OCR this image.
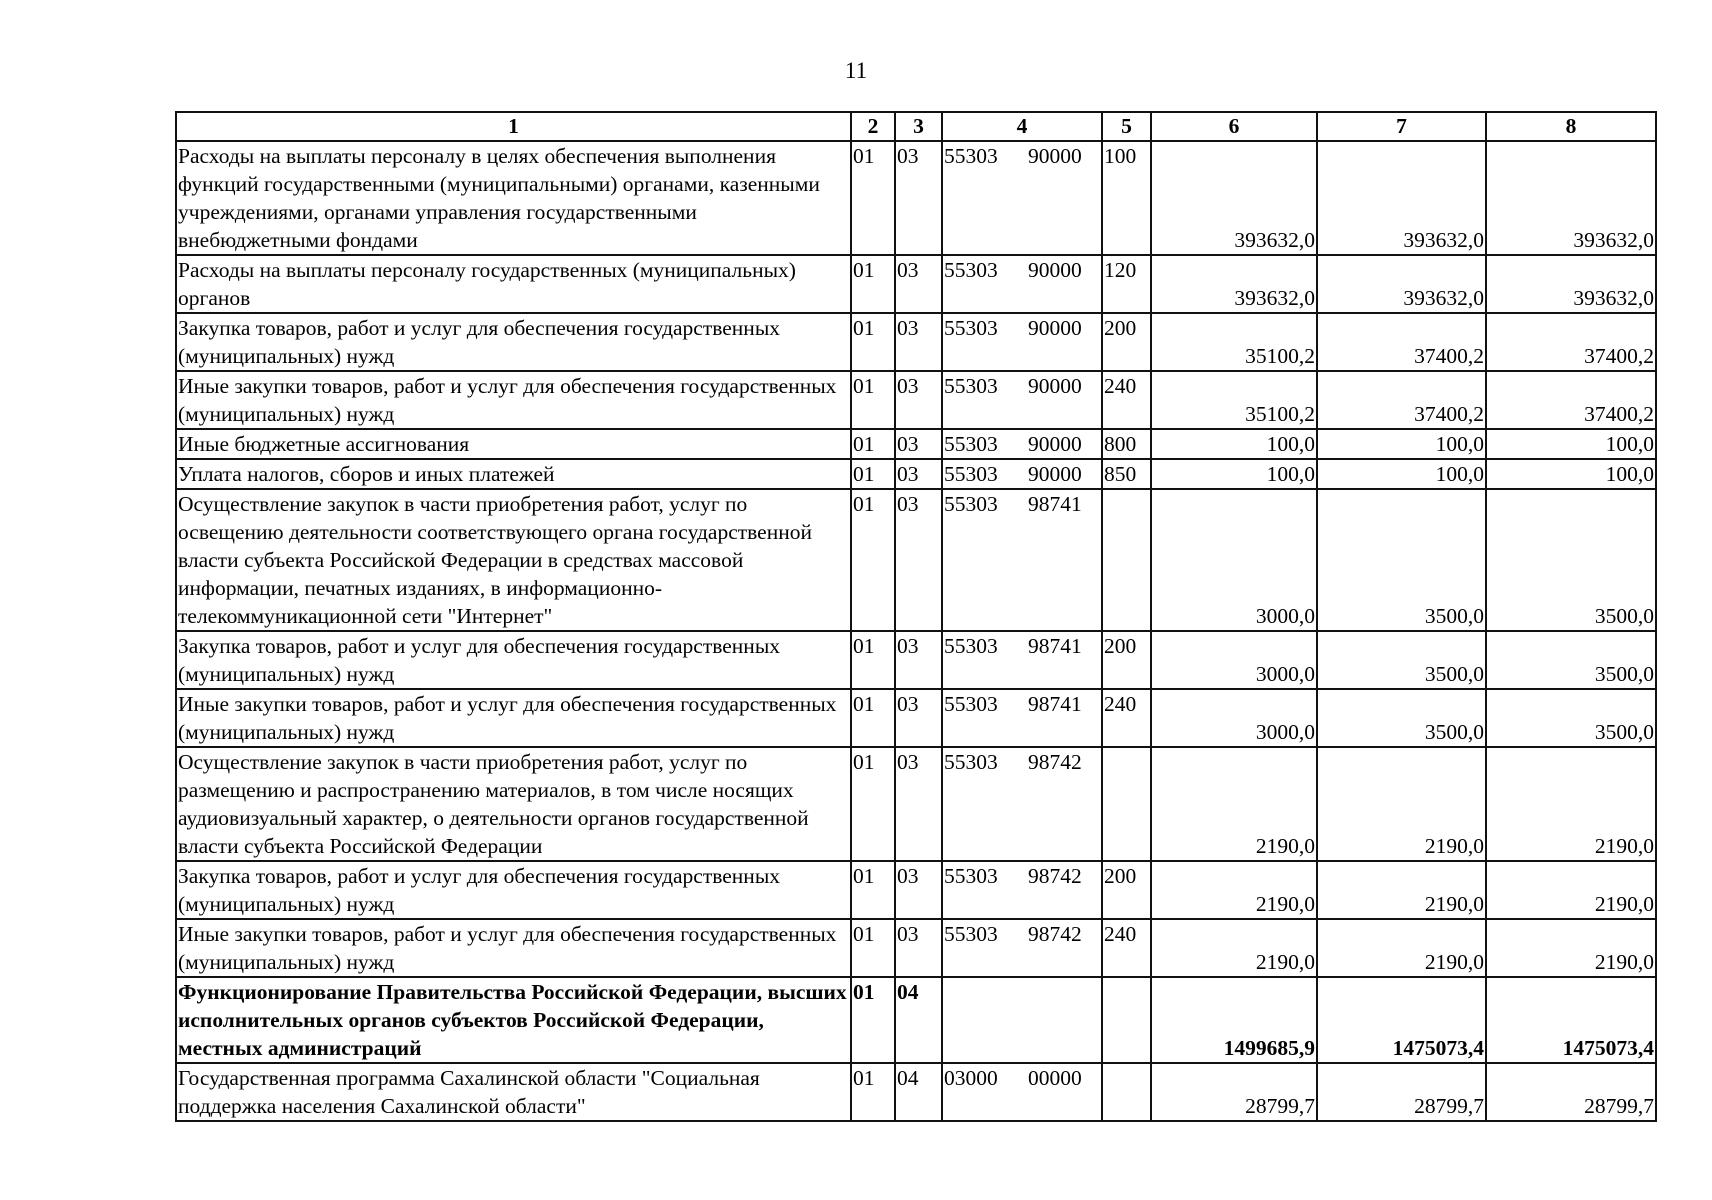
11
1	2	3	4	5	6	7	8
Расходы на выплаты персоналу в целях обеспечения выполнения функций государственными (муниципальными) органами, казенными учреждениями, органами управления государственными внебюджетными фондами	01	03	55303 90000	100	393632,0	393632,0	393632,0
Расходы на выплаты персоналу государственных (муниципальных) органов	01	03	55303 90000	120	393632,0	393632,0	393632,0
Закупка товаров, работ и услуг для обеспечения государственных (муниципальных) нужд	01	03	55303 90000	200	35100,2	37400,2	37400,2
Иные закупки товаров, работ и услуг для обеспечения государственных (муниципальных) нужд	01	03	55303 90000	240	35100,2	37400,2	37400,2
Иные бюджетные ассигнования	01	03	55303 90000	800	100,0	100,0	100,0
Уплата налогов, сборов и иных платежей	01	03	55303 90000	850	100,0	100,0	100,0
Осуществление закупок в части приобретения работ, услуг по освещению деятельности соответствующего органа государственной власти субъекта Российской Федерации в средствах массовой информации, печатных изданиях, в информационно-телекоммуникационной сети "Интернет"	01	03	55303 98741		3000,0	3500,0	3500,0
Закупка товаров, работ и услуг для обеспечения государственных (муниципальных) нужд	01	03	55303 98741	200	3000,0	3500,0	3500,0
Иные закупки товаров, работ и услуг для обеспечения государственных (муниципальных) нужд	01	03	55303 98741	240	3000,0	3500,0	3500,0
Осуществление закупок в части приобретения работ, услуг по размещению и распространению материалов, в том числе носящих аудиовизуальный характер, о деятельности органов государственной власти субъекта Российской Федерации	01	03	55303 98742		2190,0	2190,0	2190,0
Закупка товаров, работ и услуг для обеспечения государственных (муниципальных) нужд	01	03	55303 98742	200	2190,0	2190,0	2190,0
Иные закупки товаров, работ и услуг для обеспечения государственных (муниципальных) нужд	01	03	55303 98742	240	2190,0	2190,0	2190,0
Функционирование Правительства Российской Федерации, высших исполнительных органов субъектов Российской Федерации, местных администраций	01	04			1499685,9	1475073,4	1475073,4
Государственная программа Сахалинской области "Социальная поддержка населения Сахалинской области"	01	04	03000 00000		28799,7	28799,7	28799,7
